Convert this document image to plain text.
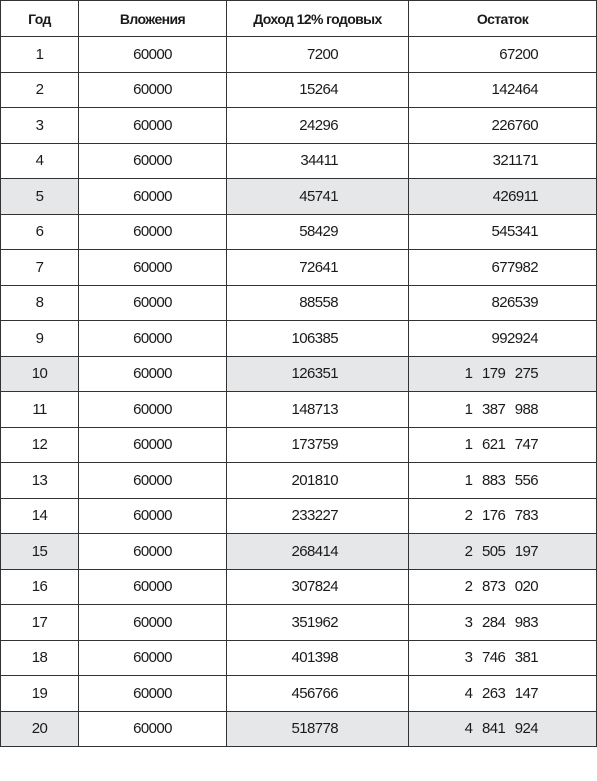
Год	Вложения	Доход 12% годовых	Остаток
1	60000	7200	67200
2	60000	15264	142464
3	60000	24296	226760
4	60000	34411	321171
5	60000	45741	426911
6	60000	58429	545341
7	60000	72641	677982
8	60000	88558	826539
9	60000	106385	992924
10	60000	126351	1 179 275
11	60000	148713	1 387 988
12	60000	173759	1 621 747
13	60000	201810	1 883 556
14	60000	233227	2 176 783
15	60000	268414	2 505 197
16	60000	307824	2 873 020
17	60000	351962	3 284 983
18	60000	401398	3 746 381
19	60000	456766	4 263 147
20	60000	518778	4 841 924
